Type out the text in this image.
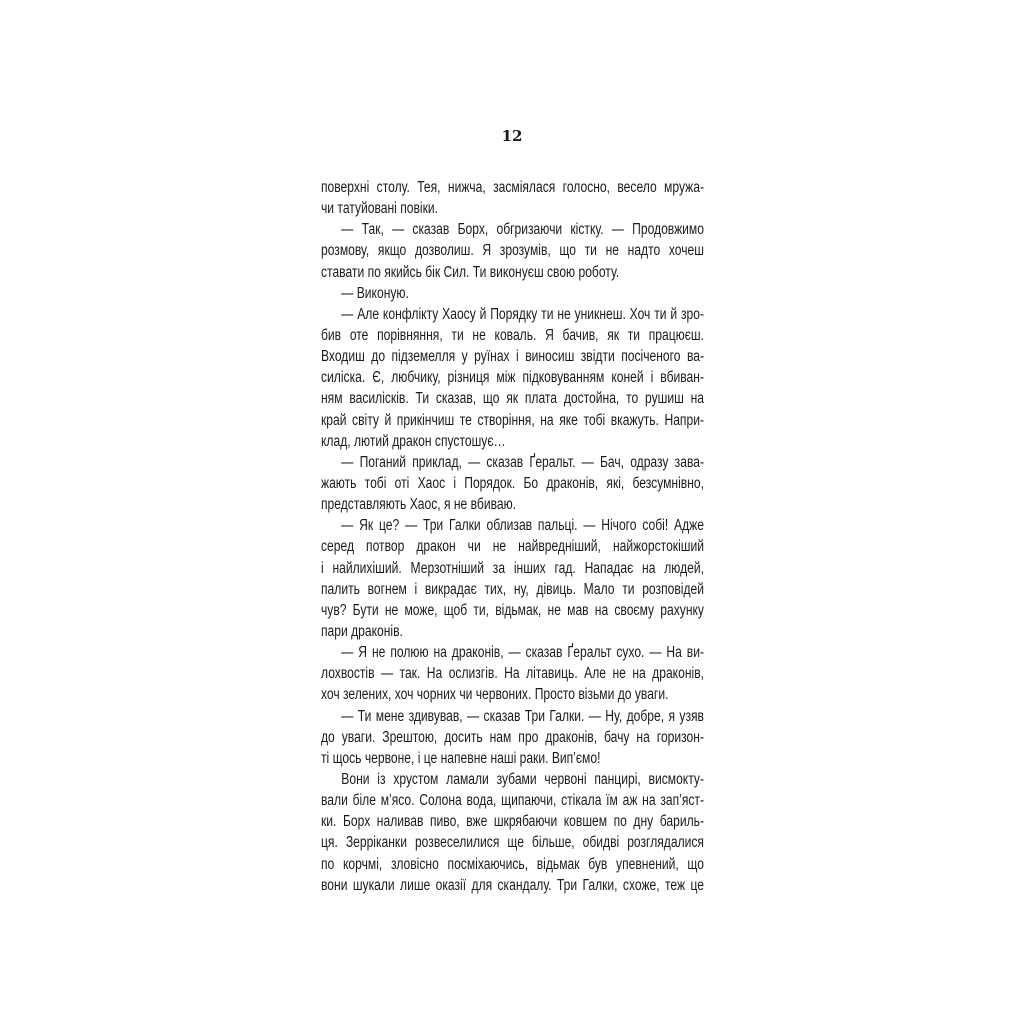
12
поверхні столу. Тея, нижча, засміялася голосно, весело мружа-
чи татуйовані повіки.
— Так, — сказав Борх, обгризаючи кістку. — Продовжимо
розмову, якщо дозволиш. Я зрозумів, що ти не надто хочеш
ставати по якийсь бік Сил. Ти виконуєш свою роботу.
— Виконую.
— Але конфлікту Хаосу й Порядку ти не уникнеш. Хоч ти й зро-
бив оте порівняння, ти не коваль. Я бачив, як ти працюєш.
Входиш до підземелля у руїнах і виносиш звідти посіченого ва-
силіска. Є, любчику, різниця між підковуванням коней і вбиван-
ням василісків. Ти сказав, що як плата достойна, то рушиш на
край світу й прикінчиш те створіння, на яке тобі вкажуть. Напри-
клад, лютий дракон спустошує…
— Поганий приклад, — сказав Ґеральт. — Бач, одразу зава-
жають тобі оті Хаос і Порядок. Бо драконів, які, безсумнівно,
представляють Хаос, я не вбиваю.
— Як це? — Три Галки облизав пальці. — Нічого собі! Адже
серед потвор дракон чи не найвредніший, найжорстокіший
і найлихіший. Мерзотніший за інших гад. Нападає на людей,
палить вогнем і викрадає тих, ну, дівиць. Мало ти розповідей
чув? Бути не може, щоб ти, відьмак, не мав на своєму рахунку
пари драконів.
— Я не полюю на драконів, — сказав Ґеральт сухо. — На ви-
лохвостів — так. На ослизгів. На літавиць. Але не на драконів,
хоч зелених, хоч чорних чи червоних. Просто візьми до уваги.
— Ти мене здивував, — сказав Три Галки. — Ну, добре, я узяв
до уваги. Зрештою, досить нам про драконів, бачу на горизон-
ті щось червоне, і це напевне наші раки. Вип’ємо!
Вони із хрустом ламали зубами червоні панцирі, висмокту-
вали біле м’ясо. Солона вода, щипаючи, стікала їм аж на зап’яст-
ки. Борх наливав пиво, вже шкрябаючи ковшем по дну бариль-
ця. Зерріканки розвеселилися ще більше, обидві розглядалися
по корчмі, зловісно посміхаючись, відьмак був упевнений, що
вони шукали лише оказії для скандалу. Три Галки, схоже, теж це
